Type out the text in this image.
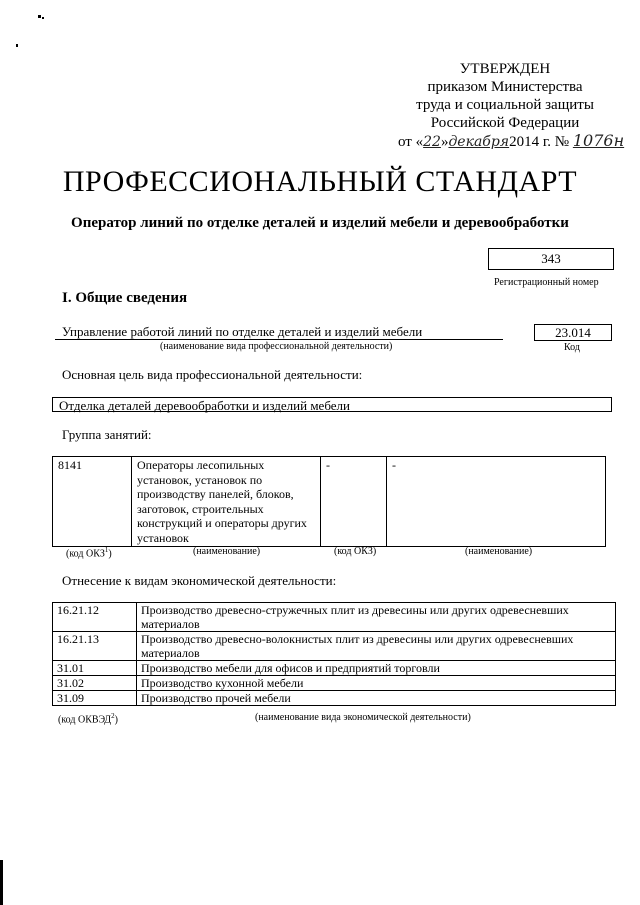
УТВЕРЖДЕН
приказом Министерства
труда и социальной защиты
Российской Федерации
от «22»декабря2014 г. № 1076н
ПРОФЕССИОНАЛЬНЫЙ СТАНДАРТ
Оператор линий по отделке деталей и изделий мебели и деревообработки
343
Регистрационный номер
I. Общие сведения
Управление работой линий по отделке деталей и изделий мебели
(наименование вида профессиональной деятельности)
23.014
Код
Основная цель вида профессиональной деятельности:
Отделка деталей деревообработки и изделий мебели
Группа занятий:
8141	Операторы лесопильных установок, установок по производству панелей, блоков, заготовок, строительных конструкций и операторы других установок	-	-
(код ОКЗ$^1$)	(наименование)	(код ОКЗ)	(наименование)
Отнесение к видам экономической деятельности:
16.21.12	Производство древесно-стружечных плит из древесины или других одревесневших материалов
16.21.13	Производство древесно-волокнистых плит из древесины или других одревесневших материалов
31.01	Производство мебели для офисов и предприятий торговли
31.02	Производство кухонной мебели
31.09	Производство прочей мебели
(код ОКВЭД$^2$)	(наименование вида экономической деятельности)
